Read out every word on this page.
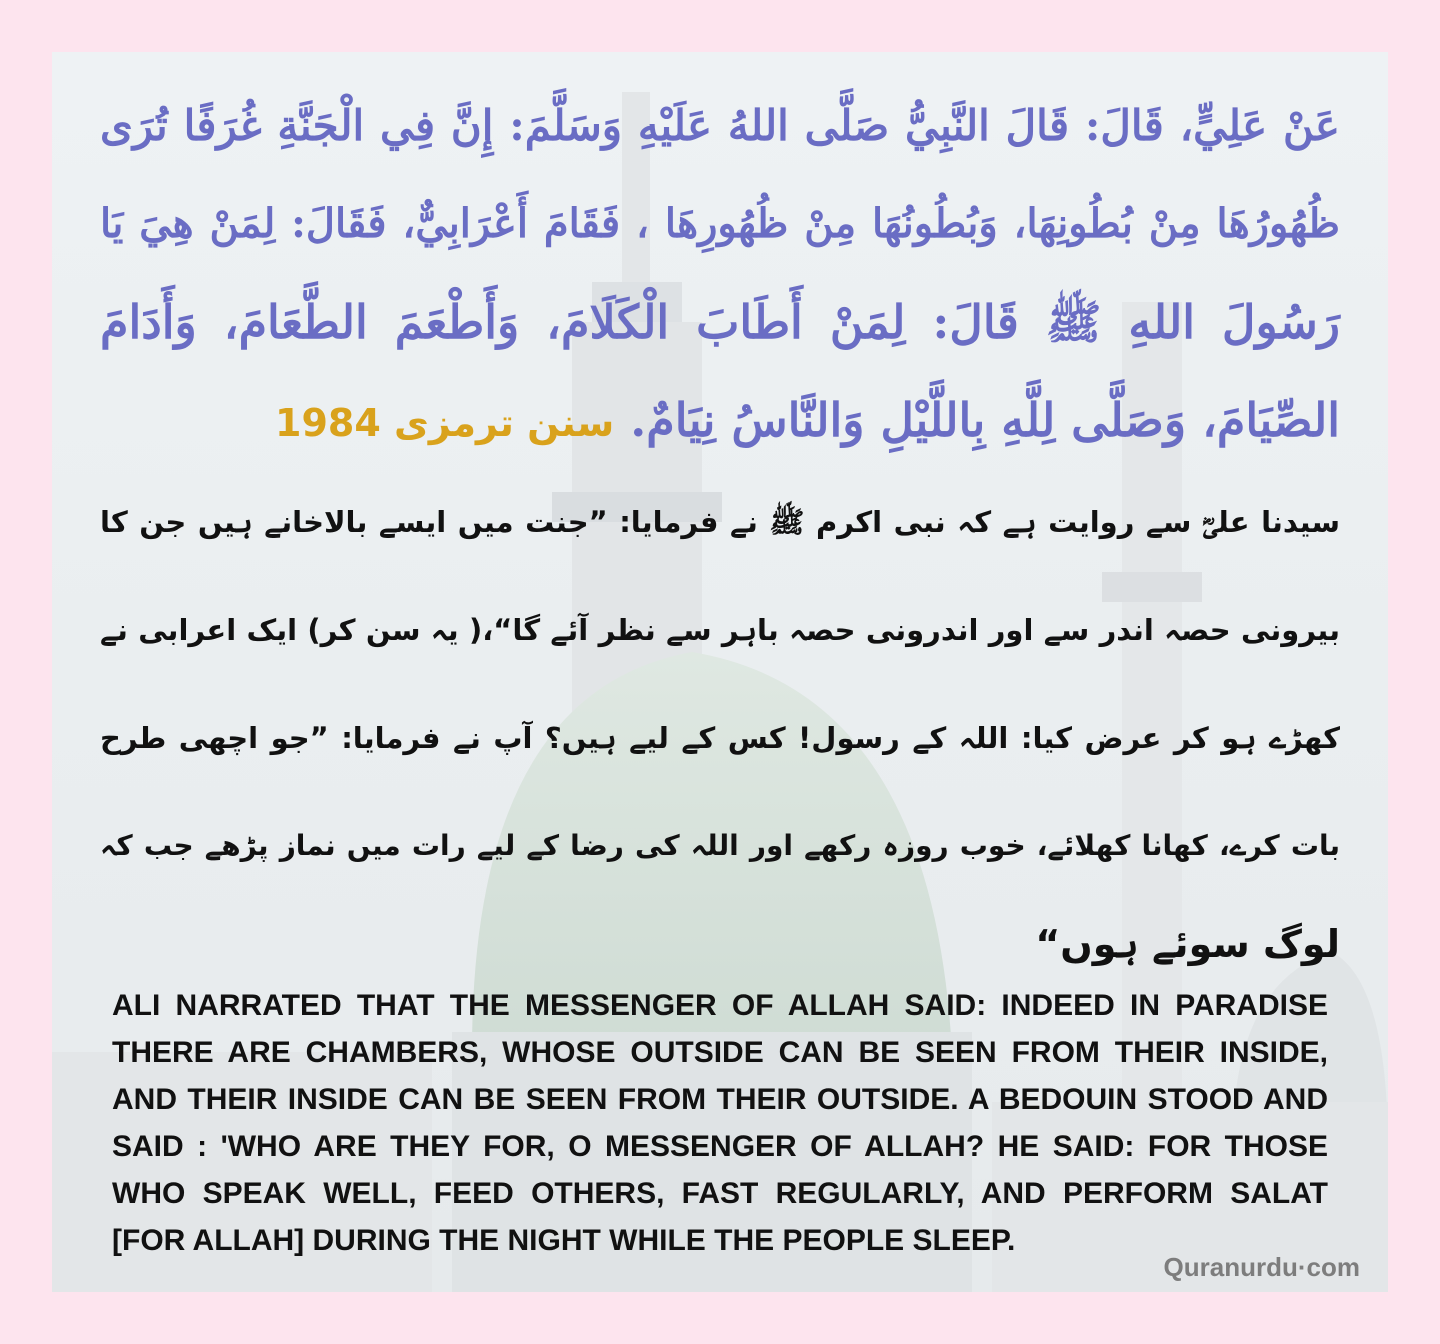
عَنْ عَلِيٍّ، قَالَ: قَالَ النَّبِيُّ صَلَّى اللهُ عَلَيْهِ وَسَلَّمَ: إِنَّ فِي الْجَنَّةِ غُرَفًا تُرَى
ظُهُورُهَا مِنْ بُطُونِهَا، وَبُطُونُهَا مِنْ ظُهُورِهَا ، فَقَامَ أَعْرَابِيٌّ، فَقَالَ: لِمَنْ هِيَ يَا
رَسُولَ اللهِ ﷺ قَالَ: لِمَنْ أَطَابَ الْكَلَامَ، وَأَطْعَمَ الطَّعَامَ، وَأَدَامَ
الصِّيَامَ، وَصَلَّى لِلَّهِ بِاللَّيْلِ وَالنَّاسُ نِيَامٌ. سنن ترمزی 1984
سیدنا علیؓ سے روایت ہے کہ نبی اکرم ﷺ نے فرمایا: ”جنت میں ایسے بالاخانے ہیں جن کا
بیرونی حصہ اندر سے اور اندرونی حصہ باہر سے نظر آئے گا“،( یہ سن کر) ایک اعرابی نے
کھڑے ہو کر عرض کیا: اللہ کے رسول! کس کے لیے ہیں؟ آپ نے فرمایا: ”جو اچھی طرح
بات کرے، کھانا کھلائے، خوب روزہ رکھے اور اللہ کی رضا کے لیے رات میں نماز پڑھے جب کہ
لوگ سوئے ہوں“
ALI NARRATED THAT THE MESSENGER OF ALLAH SAID: INDEED IN PARADISE THERE ARE CHAMBERS, WHOSE OUTSIDE CAN BE SEEN FROM THEIR INSIDE, AND THEIR INSIDE CAN BE SEEN FROM THEIR OUTSIDE. A BEDOUIN STOOD AND SAID : 'WHO ARE THEY FOR, O MESSENGER OF ALLAH? HE SAID: FOR THOSE WHO SPEAK WELL, FEED OTHERS, FAST REGULARLY, AND PERFORM SALAT [FOR ALLAH] DURING THE NIGHT WHILE THE PEOPLE SLEEP.
Quranurdu·com
